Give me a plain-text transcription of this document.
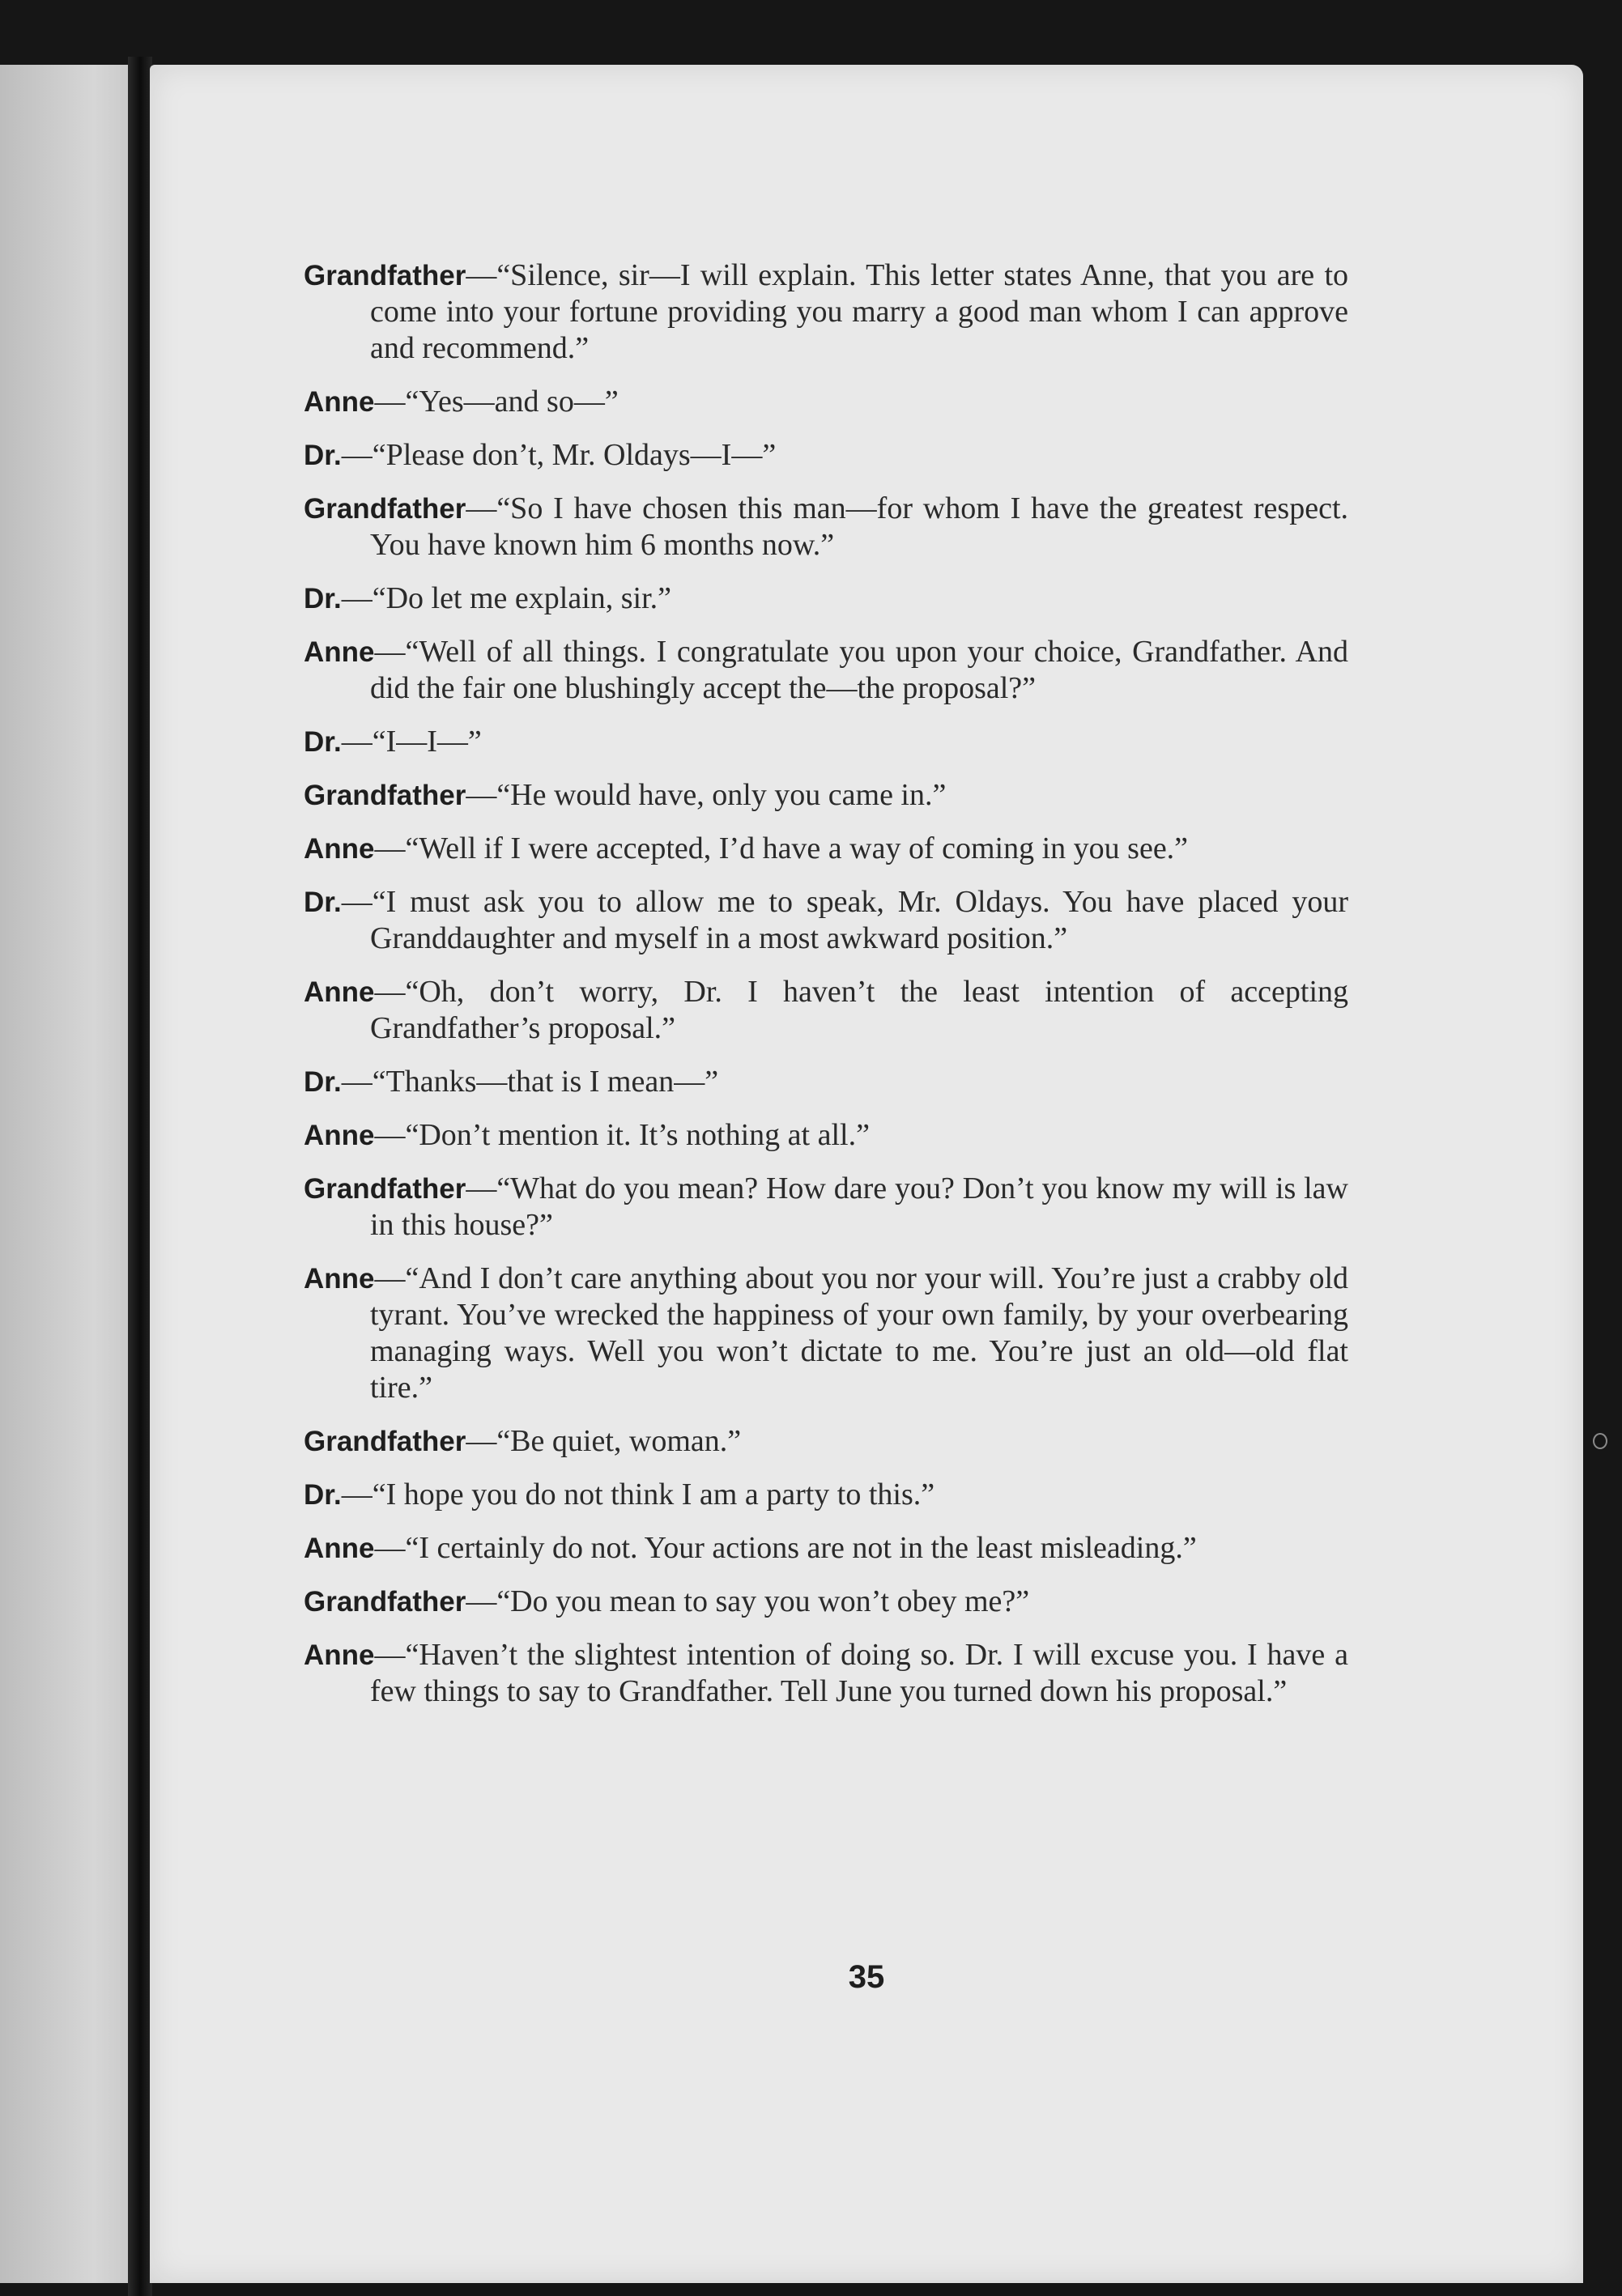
Grandfather—“Silence, sir—I will explain. This letter states Anne, that you are to come into your fortune providing you marry a good man whom I can approve and recommend.”

Anne—“Yes—and so—”

Dr.—“Please don’t, Mr. Oldays—I—”

Grandfather—“So I have chosen this man—for whom I have the greatest respect. You have known him 6 months now.”

Dr.—“Do let me explain, sir.”

Anne—“Well of all things. I congratulate you upon your choice, Grandfather. And did the fair one blushingly accept the—the proposal?”

Dr.—“I—I—”

Grandfather—“He would have, only you came in.”

Anne—“Well if I were accepted, I’d have a way of coming in you see.”

Dr.—“I must ask you to allow me to speak, Mr. Oldays. You have placed your Granddaughter and myself in a most awkward position.”

Anne—“Oh, don’t worry, Dr. I haven’t the least intention of accepting Grandfather’s proposal.”

Dr.—“Thanks—that is I mean—”

Anne—“Don’t mention it. It’s nothing at all.”

Grandfather—“What do you mean? How dare you? Don’t you know my will is law in this house?”

Anne—“And I don’t care anything about you nor your will. You’re just a crabby old tyrant. You’ve wrecked the happiness of your own family, by your overbearing managing ways. Well you won’t dictate to me. You’re just an old—old flat tire.”

Grandfather—“Be quiet, woman.”

Dr.—“I hope you do not think I am a party to this.”

Anne—“I certainly do not. Your actions are not in the least misleading.”

Grandfather—“Do you mean to say you won’t obey me?”

Anne—“Haven’t the slightest intention of doing so. Dr. I will excuse you. I have a few things to say to Grandfather. Tell June you turned down his proposal.”

35
